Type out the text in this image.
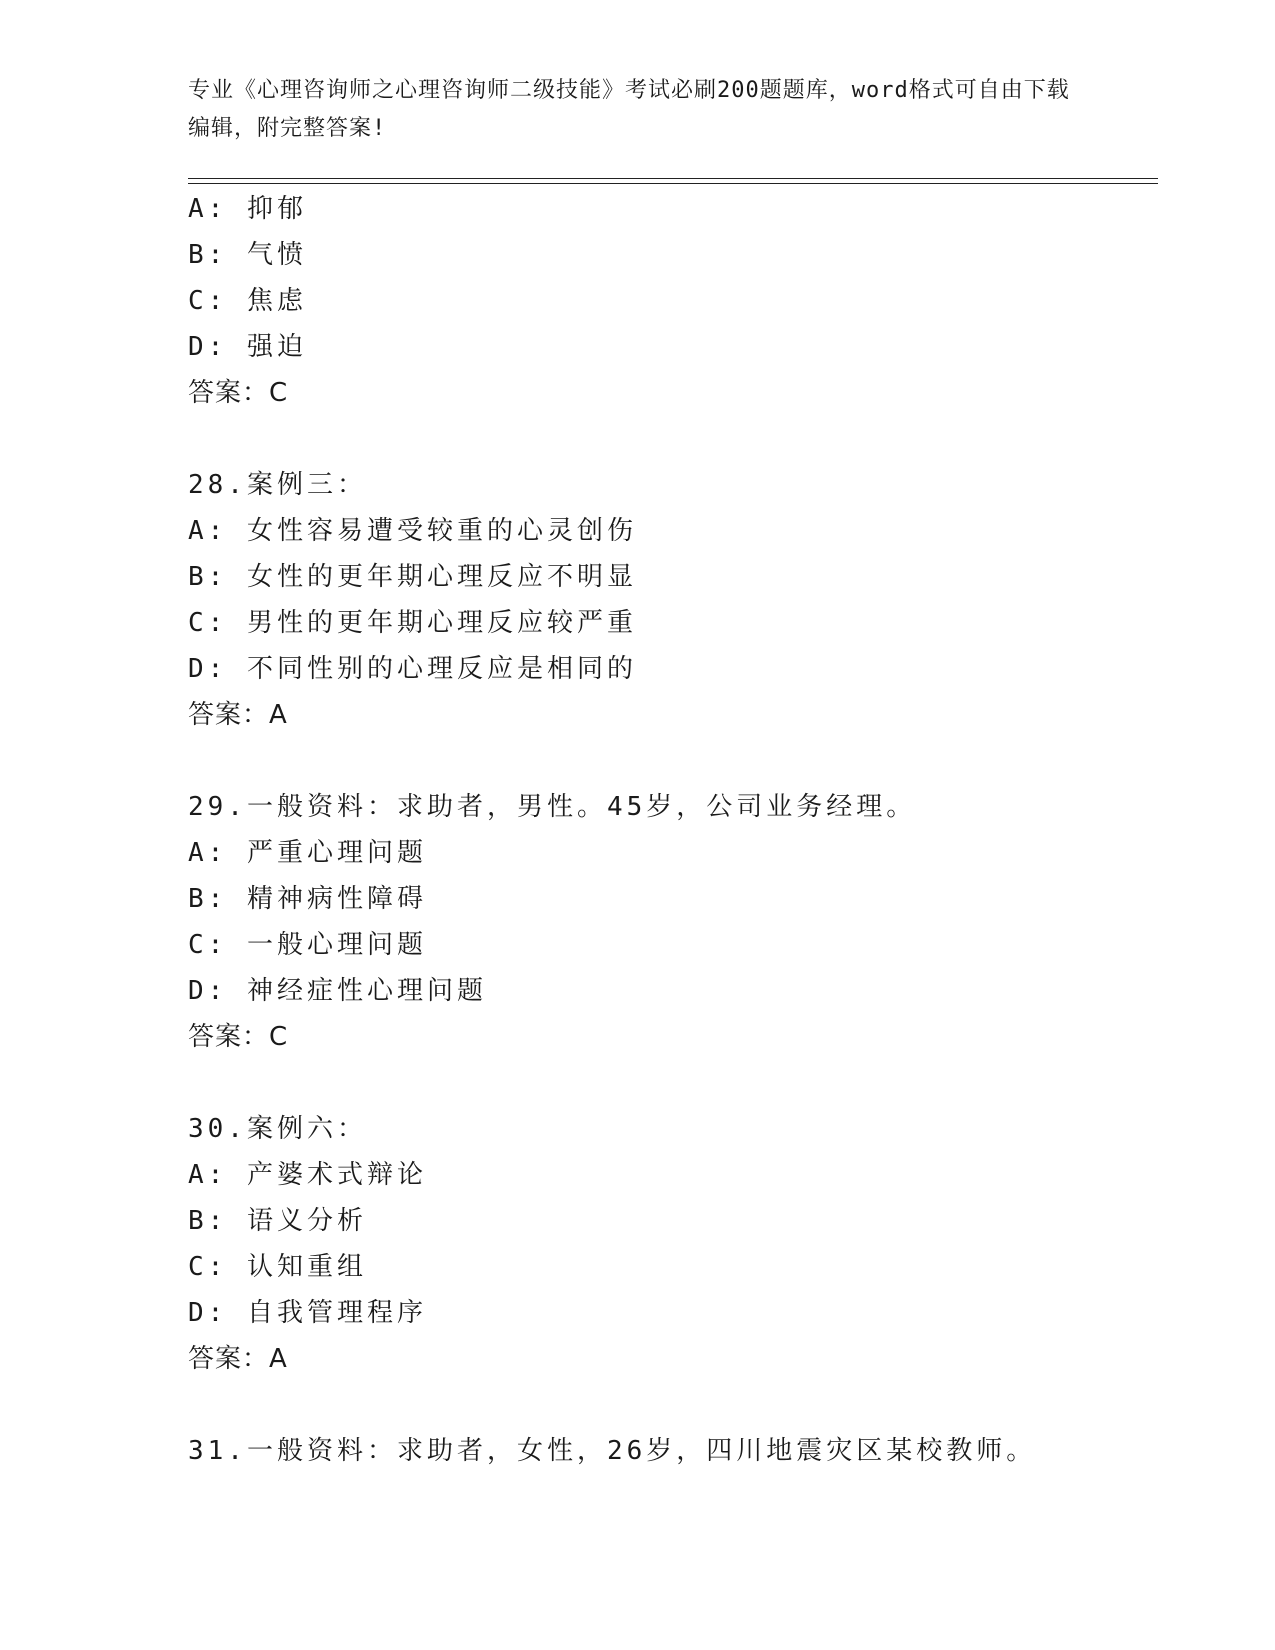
专业《心理咨询师之心理咨询师二级技能》考试必刷200题题库，word格式可自由下载编辑，附完整答案!
A: 抑郁
B: 气愤
C: 焦虑
D: 强迫
答案：C
28.案例三：
A: 女性容易遭受较重的心灵创伤
B: 女性的更年期心理反应不明显
C: 男性的更年期心理反应较严重
D: 不同性别的心理反应是相同的
答案：A
29.一般资料：求助者，男性。45岁，公司业务经理。
A: 严重心理问题
B: 精神病性障碍
C: 一般心理问题
D: 神经症性心理问题
答案：C
30.案例六：
A: 产婆术式辩论
B: 语义分析
C: 认知重组
D: 自我管理程序
答案：A
31.一般资料：求助者，女性，26岁，四川地震灾区某校教师。
